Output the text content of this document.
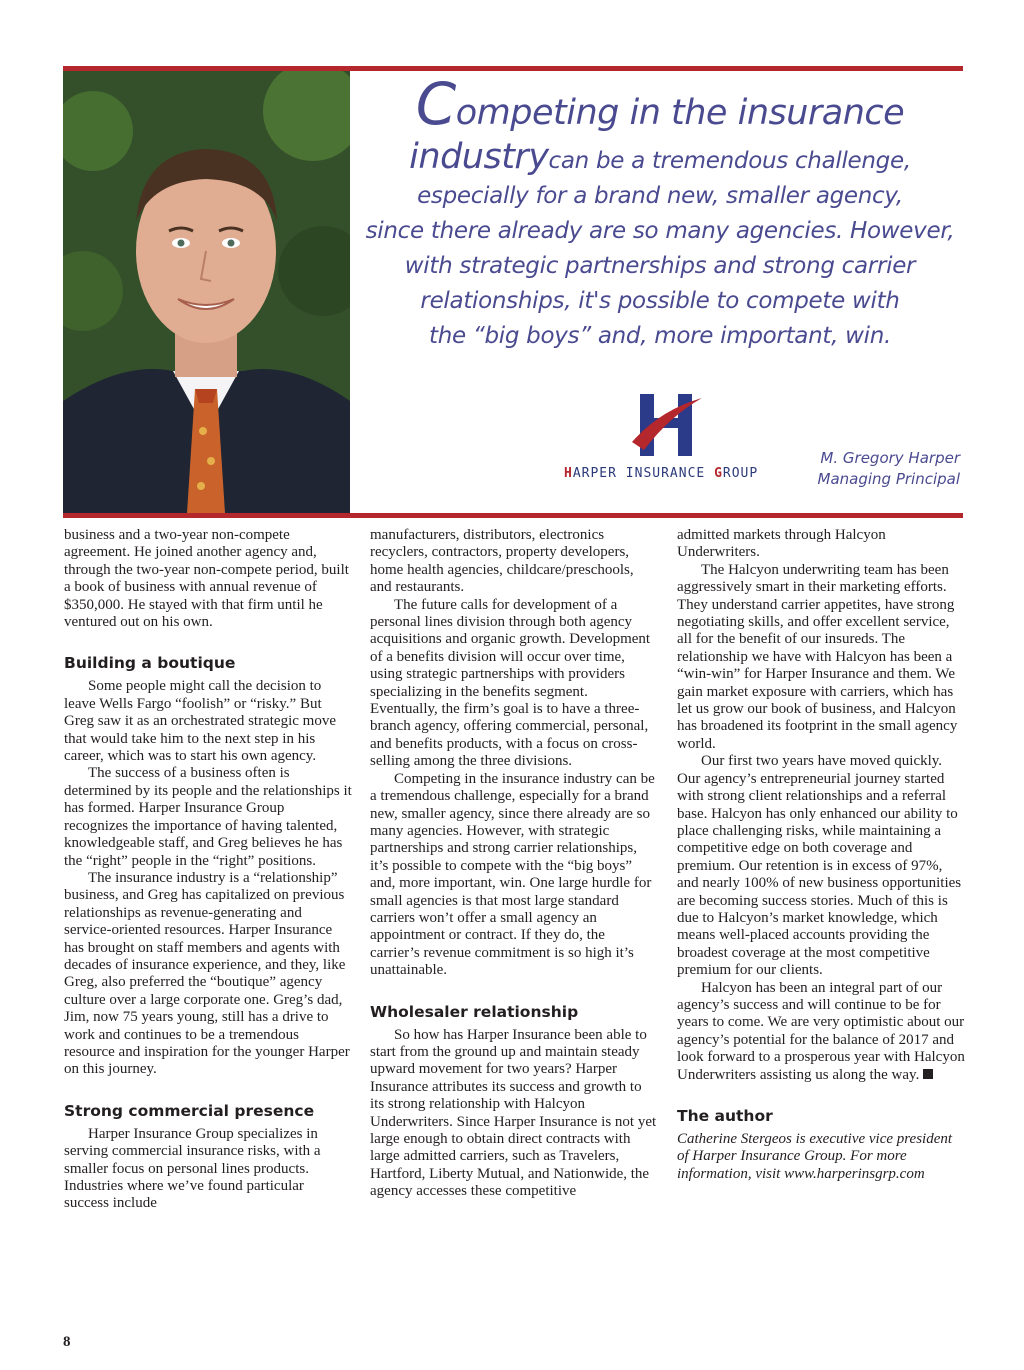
Competing in the insurance
industrycan be a tremendous challenge,
especially for a brand new, smaller agency,
since there already are so many agencies. However,
with strategic partnerships and strong carrier
relationships, it's possible to compete with
the “big boys” and, more important, win.
HARPER INSURANCE GROUP
M. Gregory Harper
Managing Principal

business and a two-year non-compete agreement. He joined another agency and, through the two-year non-compete period, built a book of business with annual revenue of $350,000. He stayed with that firm until he ventured out on his own.

Building a boutique

Some people might call the decision to leave Wells Fargo “foolish” or “risky.” But Greg saw it as an orchestrated strategic move that would take him to the next step in his career, which was to start his own agency.

The success of a business often is determined by its people and the relationships it has formed. Harper Insurance Group recognizes the importance of having talented, knowledgeable staff, and Greg believes he has the “right” people in the “right” positions.

The insurance industry is a “relationship” business, and Greg has capitalized on previous relationships as revenue-generating and service-oriented resources. Harper Insurance has brought on staff members and agents with decades of insurance experience, and they, like Greg, also preferred the “boutique” agency culture over a large corporate one. Greg’s dad, Jim, now 75 years young, still has a drive to work and continues to be a tremendous resource and inspiration for the younger Harper on this journey.

Strong commercial presence

Harper Insurance Group specializes in serving commercial insurance risks, with a smaller focus on personal lines products. Industries where we’ve found particular success include

manufacturers, distributors, electronics recyclers, contractors, property developers, home health agencies, childcare/preschools, and restaurants.

The future calls for development of a personal lines division through both agency acquisitions and organic growth. Development of a benefits division will occur over time, using strategic partnerships with providers specializing in the benefits segment. Eventually, the firm’s goal is to have a three-branch agency, offering commercial, personal, and benefits products, with a focus on cross-selling among the three divisions.

Competing in the insurance industry can be a tremendous challenge, especially for a brand new, smaller agency, since there already are so many agencies. However, with strategic partnerships and strong carrier relationships, it’s possible to compete with the “big boys” and, more important, win. One large hurdle for small agencies is that most large standard carriers won’t offer a small agency an appointment or contract. If they do, the carrier’s revenue commitment is so high it’s unattainable.

Wholesaler relationship

So how has Harper Insurance been able to start from the ground up and maintain steady upward movement for two years? Harper Insurance attributes its success and growth to its strong relationship with Halcyon Underwriters. Since Harper Insurance is not yet large enough to obtain direct contracts with large admitted carriers, such as Travelers, Hartford, Liberty Mutual, and Nationwide, the agency accesses these competitive

admitted markets through Halcyon Underwriters.

The Halcyon underwriting team has been aggressively smart in their marketing efforts. They understand carrier appetites, have strong negotiating skills, and offer excellent service, all for the benefit of our insureds. The relationship we have with Halcyon has been a “win-win” for Harper Insurance and them. We gain market exposure with carriers, which has let us grow our book of business, and Halcyon has broadened its footprint in the small agency world.

Our first two years have moved quickly. Our agency’s entrepreneurial journey started with strong client relationships and a referral base. Halcyon has only enhanced our ability to place challenging risks, while maintaining a competitive edge on both coverage and premium. Our retention is in excess of 97%, and nearly 100% of new business opportunities are becoming success stories. Much of this is due to Halcyon’s market knowledge, which means well-placed accounts providing the broadest coverage at the most competitive premium for our clients.

Halcyon has been an integral part of our agency’s success and will continue to be for years to come. We are very optimistic about our agency’s potential for the balance of 2017 and look forward to a prosperous year with Halcyon Underwriters assisting us along the way.

The author

Catherine Stergeos is executive vice president of Harper Insurance Group. For more information, visit www.harperinsgrp.com

8
